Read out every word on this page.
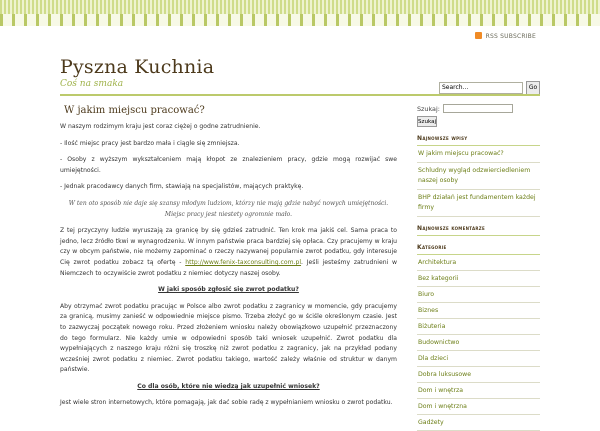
RSS SUBSCRIBE
Pyszna Kuchnia
Coś na smaka
Search...	Go
W jakim miejscu pracować?
W naszym rodzimym kraju jest coraz ciężej o godne zatrudnienie.
- Ilość miejsc pracy jest bardzo mała i ciągle się zmniejsza.
- Osoby z wyższym wykształceniem mają kłopot ze znalezieniem pracy, gdzie mogą rozwijać swe umiejętności.
- Jednak pracodawcy danych firm, stawiają na specjalistów, mających praktykę.
W ten oto sposób nie daje się szansy młodym ludziom, którzy nie mają gdzie nabyć nowych umiejętności.
Miejsc pracy jest niestety ogromnie mało.
Z tej przyczyny ludzie wyruszają za granicę by się gdzieś zatrudnić. Ten krok ma jakiś cel. Sama praca to jedno, lecz źródło tkwi w wynagrodzeniu. W innym państwie praca bardziej się opłaca. Czy pracujemy w kraju czy w obcym państwie, nie możemy zapominać o rzeczy nazywanej popularnie zwrot podatku, gdy interesuje Cię zwrot podatku zobacz tą ofertę - http://www.fenix-taxconsulting.com.pl. Jeśli jesteśmy zatrudnieni w Niemczech to oczywiście zwrot podatku z niemiec dotyczy naszej osoby.
W jaki sposób zgłosić się zwrot podatku?
Aby otrzymać zwrot podatku pracując w Polsce albo zwrot podatku z zagranicy w momencie, gdy pracujemy za granicą, musimy zanieść w odpowiednie miejsce pismo. Trzeba złożyć go w ściśle określonym czasie. Jest to zazwyczaj początek nowego roku. Przed złożeniem wniosku należy obowiązkowo uzupełnić przeznaczony do tego formularz. Nie każdy umie w odpowiedni sposób taki wniosek uzupełnić. Zwrot podatku dla wypełniających z naszego kraju różni się troszkę niż zwrot podatku z zagranicy, jak na przykład podany wcześniej zwrot podatku z niemiec. Zwrot podatku takiego, wartość zależy właśnie od struktur w danym państwie.
Co dla osób, które nie wiedzą jak uzupełnić wniosek?
Jest wiele stron internetowych, które pomagają, jak dać sobie radę z wypełnianiem wniosku o zwrot podatku.
Szukaj:
Szukaj
Najnowsze wpisy
W jakim miejscu pracować?
Schludny wygląd odzwierciedleniem naszej osoby
BHP działań jest fundamentem każdej firmy
Najnowsze komentarze
Kategorie
Architektura
Bez kategorii
Biuro
Biznes
Biżuteria
Budownictwo
Dla dzieci
Dobra luksusowe
Dom i wnętrza
Dom i wnętrzna
Gadżety
